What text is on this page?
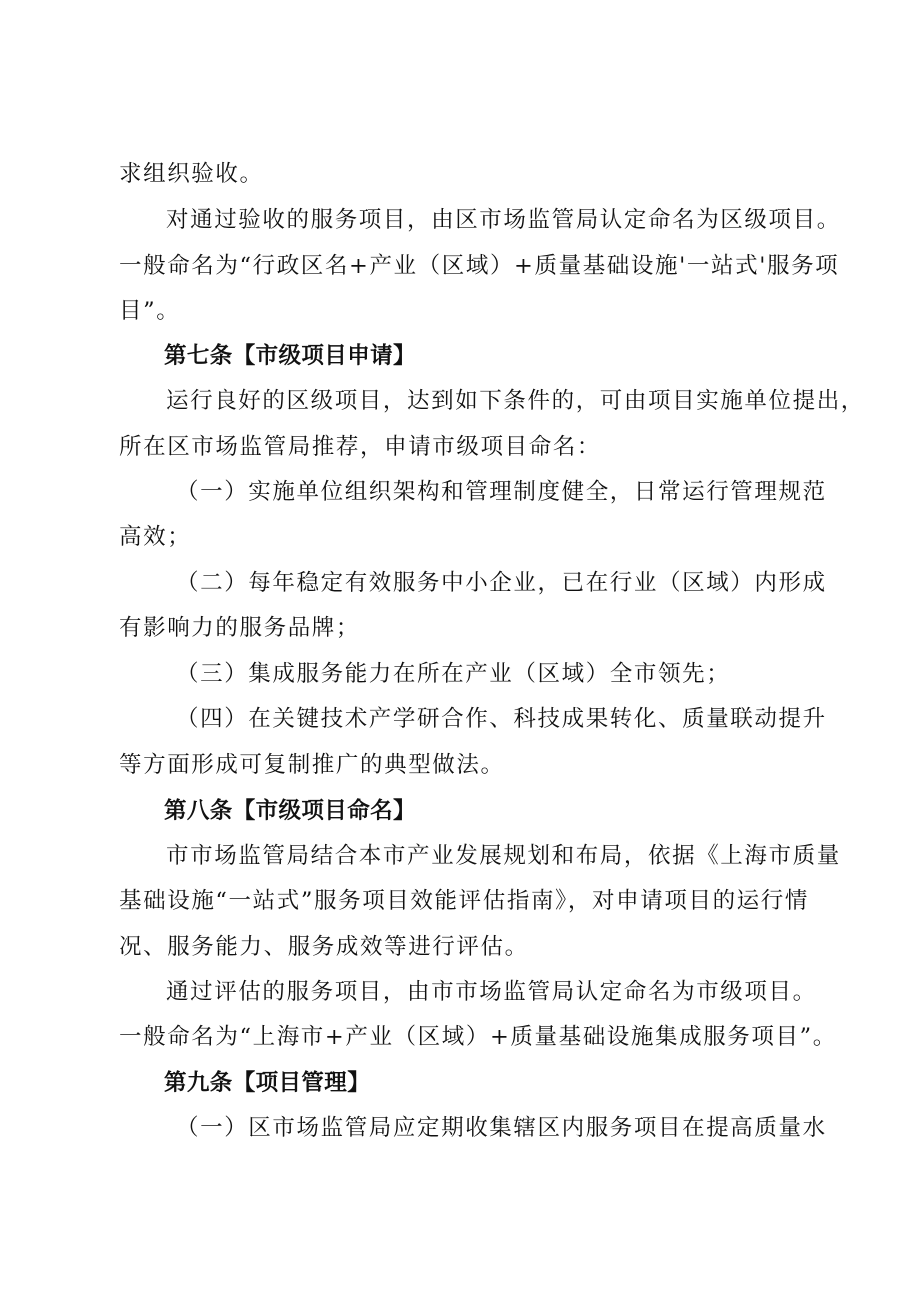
求组织验收。
对通过验收的服务项目，由区市场监管局认定命名为区级项目。
一般命名为“行政区名+产业（区域）+质量基础设施'一站式'服务项
目”。
第七条【市级项目申请】
运行良好的区级项目，达到如下条件的，可由项目实施单位提出，
所在区市场监管局推荐，申请市级项目命名：
（一）实施单位组织架构和管理制度健全，日常运行管理规范
高效；
（二）每年稳定有效服务中小企业，已在行业（区域）内形成
有影响力的服务品牌；
（三）集成服务能力在所在产业（区域）全市领先；
（四）在关键技术产学研合作、科技成果转化、质量联动提升
等方面形成可复制推广的典型做法。
第八条【市级项目命名】
市市场监管局结合本市产业发展规划和布局，依据《上海市质量
基础设施“一站式”服务项目效能评估指南》，对申请项目的运行情
况、服务能力、服务成效等进行评估。
通过评估的服务项目，由市市场监管局认定命名为市级项目。
一般命名为“上海市+产业（区域）+质量基础设施集成服务项目”。
第九条【项目管理】
（一）区市场监管局应定期收集辖区内服务项目在提高质量水
